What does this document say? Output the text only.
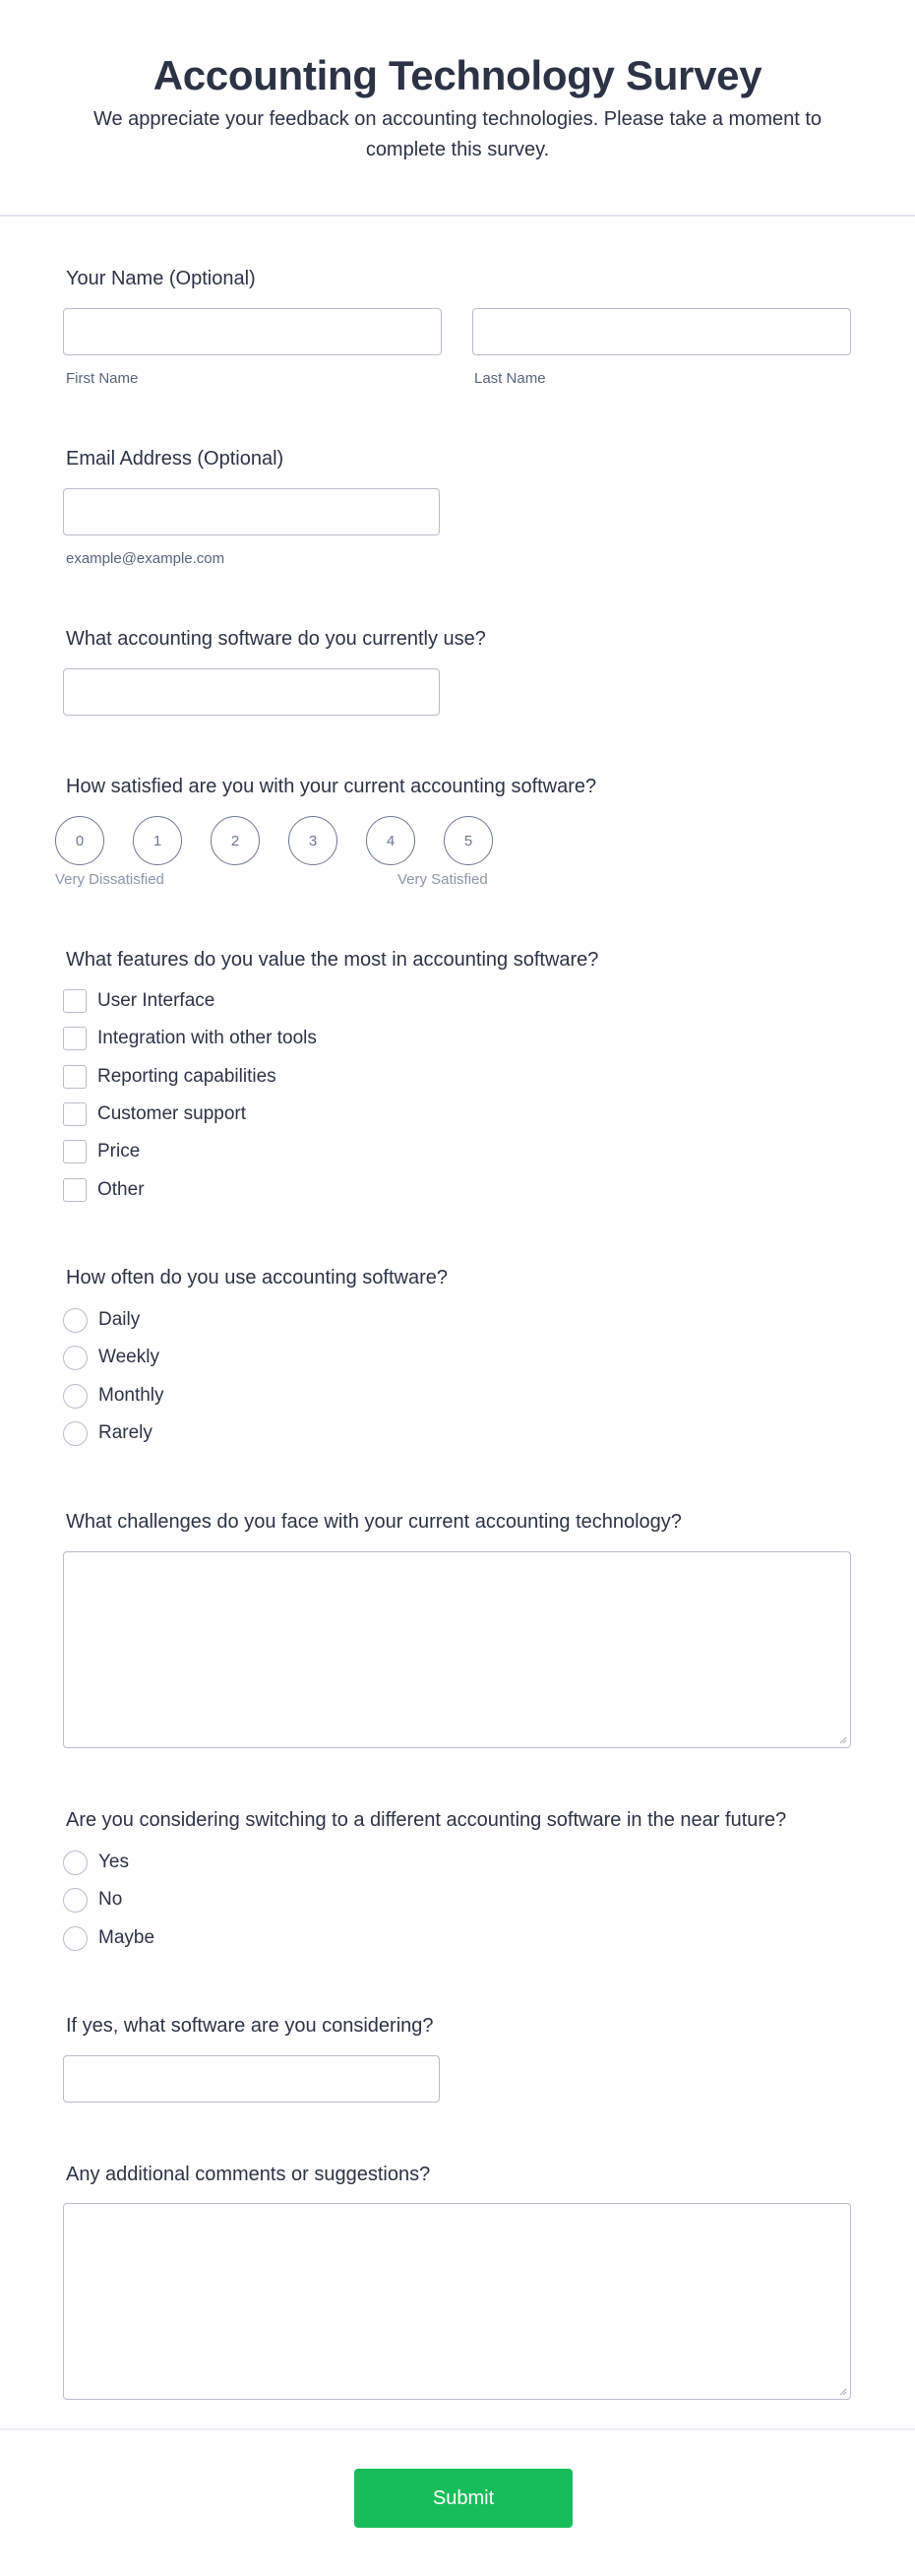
Accounting Technology Survey

We appreciate your feedback on accounting technologies. Please take a moment to complete this survey.

Your Name (Optional)
First Name	Last Name
Email Address (Optional)
example@example.com
What accounting software do you currently use?
How satisfied are you with your current accounting software?
0	1	2	3	4	5
Very Dissatisfied	Very Satisfied
What features do you value the most in accounting software?
User Interface
Integration with other tools
Reporting capabilities
Customer support
Price
Other
How often do you use accounting software?
Daily
Weekly
Monthly
Rarely
What challenges do you face with your current accounting technology?
Are you considering switching to a different accounting software in the near future?
Yes
No
Maybe
If yes, what software are you considering?
Any additional comments or suggestions?
Submit
